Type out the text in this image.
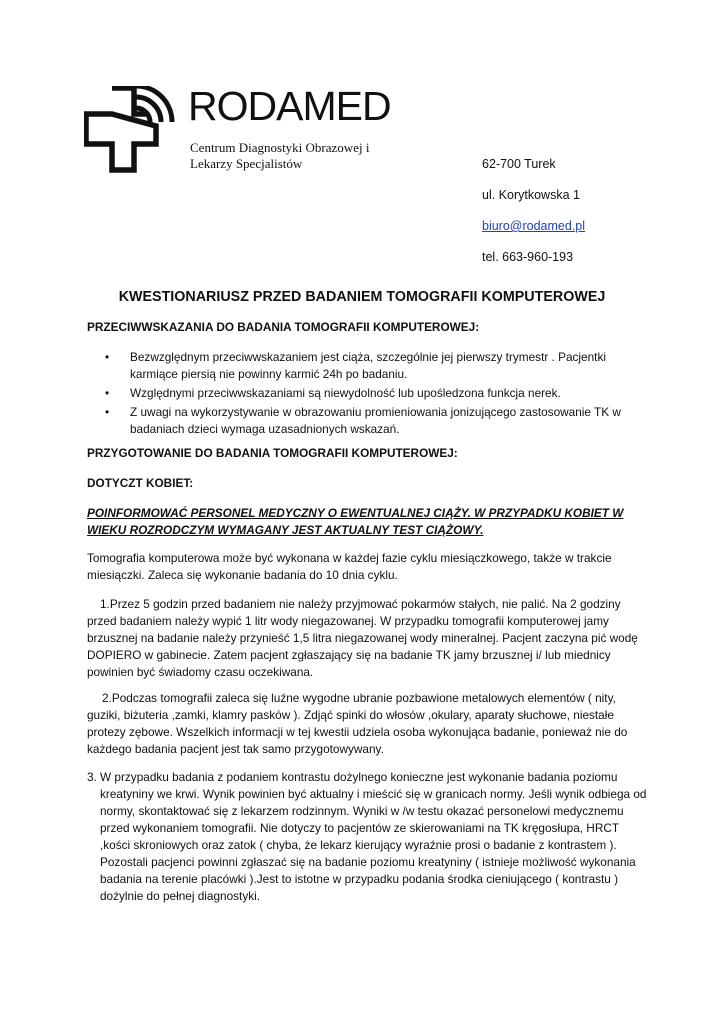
RODAMED
Centrum Diagnostyki Obrazowej i
Lekarzy Specjalistów	62-700 Turek
ul. Korytkowska 1
biuro@rodamed.pl
tel. 663-960-193
KWESTIONARIUSZ PRZED BADANIEM TOMOGRAFII KOMPUTEROWEJ
PRZECIWWSKAZANIA DO BADANIA TOMOGRAFII KOMPUTEROWEJ:
• Bezwzględnym przeciwwskazaniem jest ciąża, szczególnie jej pierwszy trymestr . Pacjentki karmiące piersią nie powinny karmić 24h po badaniu.
• Względnymi przeciwwskazaniami są niewydolność lub upośledzona funkcja nerek.
• Z uwagi na wykorzystywanie w obrazowaniu promieniowania jonizującego zastosowanie TK w badaniach dzieci wymaga uzasadnionych wskazań.
PRZYGOTOWANIE DO BADANIA TOMOGRAFII KOMPUTEROWEJ:
DOTYCZT KOBIET:
POINFORMOWAĆ PERSONEL MEDYCZNY O EWENTUALNEJ CIĄŻY. W PRZYPADKU KOBIET W WIEKU ROZRODCZYM WYMAGANY JEST AKTUALNY TEST CIĄŻOWY.
Tomografia komputerowa może być wykonana w każdej fazie cyklu miesiączkowego, także w trakcie miesiączki. Zaleca się wykonanie badania do 10 dnia cyklu.
1.Przez 5 godzin przed badaniem nie należy przyjmować pokarmów stałych, nie palić. Na 2 godziny przed badaniem należy wypić 1 litr wody niegazowanej. W przypadku tomografii komputerowej jamy brzusznej na badanie należy przynieść 1,5 litra niegazowanej wody mineralnej. Pacjent zaczyna pić wodę DOPIERO w gabinecie. Zatem pacjent zgłaszający się na badanie TK jamy brzusznej i/ lub miednicy powinien być świadomy czasu oczekiwana.
2.Podczas tomografii zaleca się luźne wygodne ubranie pozbawione metalowych elementów ( nity, guziki, biżuteria ,zamki, klamry pasków ). Zdjąć spinki do włosów ,okulary, aparaty słuchowe, niestałe protezy zębowe. Wszelkich informacji w tej kwestii udziela osoba wykonująca badanie, ponieważ nie do każdego badania pacjent jest tak samo przygotowywany.
3. W przypadku badania z podaniem kontrastu dożylnego konieczne jest wykonanie badania poziomu kreatyniny we krwi. Wynik powinien być aktualny i mieścić się w granicach normy. Jeśli wynik odbiega od normy, skontaktować się z lekarzem rodzinnym. Wyniki w /w testu okazać personelowi medycznemu przed wykonaniem tomografii. Nie dotyczy to pacjentów ze skierowaniami na TK kręgosłupa, HRCT ,kości skroniowych oraz zatok ( chyba, że lekarz kierujący wyraźnie prosi o badanie z kontrastem ). Pozostali pacjenci powinni zgłaszać się na badanie poziomu kreatyniny ( istnieje możliwość wykonania badania na terenie placówki ).Jest to istotne w przypadku podania środka cieniującego ( kontrastu ) dożylnie do pełnej diagnostyki.
